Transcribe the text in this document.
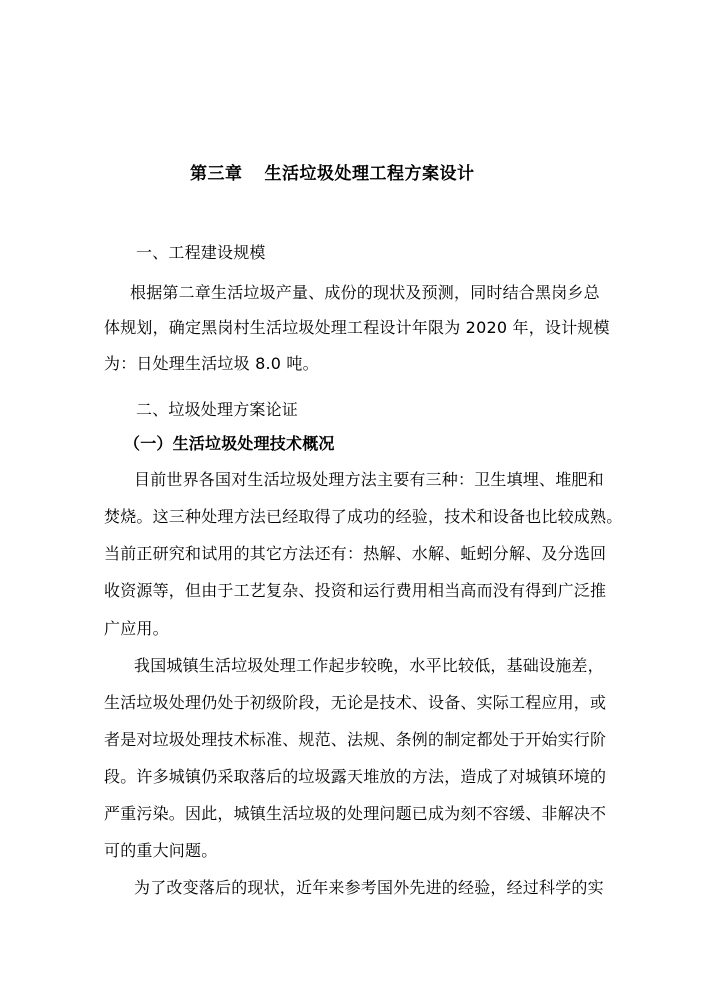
第三章 生活垃圾处理工程方案设计
一、工程建设规模
根据第二章生活垃圾产量、成份的现状及预测，同时结合黑岗乡总
体规划，确定黑岗村生活垃圾处理工程设计年限为 2020 年，设计规模
为：日处理生活垃圾 8.0 吨。
二、垃圾处理方案论证
（一）生活垃圾处理技术概况
目前世界各国对生活垃圾处理方法主要有三种：卫生填埋、堆肥和
焚烧。这三种处理方法已经取得了成功的经验，技术和设备也比较成熟。
当前正研究和试用的其它方法还有：热解、水解、蚯蚓分解、及分选回
收资源等，但由于工艺复杂、投资和运行费用相当高而没有得到广泛推
广应用。
我国城镇生活垃圾处理工作起步较晚，水平比较低，基础设施差，
生活垃圾处理仍处于初级阶段，无论是技术、设备、实际工程应用，或
者是对垃圾处理技术标准、规范、法规、条例的制定都处于开始实行阶
段。许多城镇仍采取落后的垃圾露天堆放的方法，造成了对城镇环境的
严重污染。因此，城镇生活垃圾的处理问题已成为刻不容缓、非解决不
可的重大问题。
为了改变落后的现状，近年来参考国外先进的经验，经过科学的实
